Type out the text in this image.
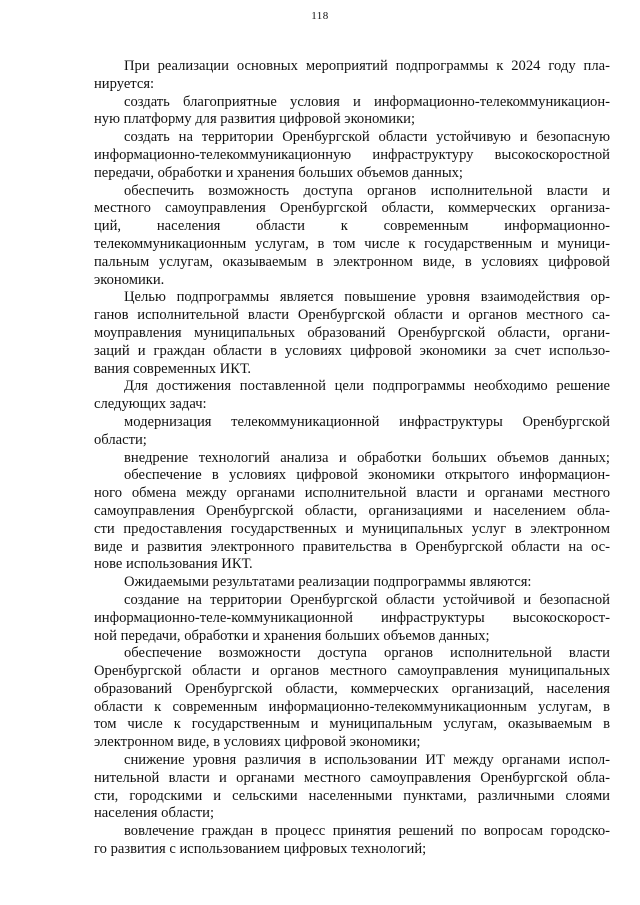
118
При реализации основных мероприятий подпрограммы к 2024 году пла-
нируется:
создать благоприятные условия и информационно-телекоммуникацион-
ную платформу для развития цифровой экономики;
создать на территории Оренбургской области устойчивую и безопасную
информационно-телекоммуникационную инфраструктуру высокоскоростной
передачи, обработки и хранения больших объемов данных;
обеспечить возможность доступа органов исполнительной власти и
местного самоуправления Оренбургской области, коммерческих организа-
ций, населения области к современным информационно-
телекоммуникационным услугам, в том числе к государственным и муници-
пальным услугам, оказываемым в электронном виде, в условиях цифровой
экономики.
Целью подпрограммы является повышение уровня взаимодействия ор-
ганов исполнительной власти Оренбургской области и органов местного са-
моуправления муниципальных образований Оренбургской области, органи-
заций и граждан области в условиях цифровой экономики за счет использо-
вания современных ИКТ.
Для достижения поставленной цели подпрограммы необходимо решение
следующих задач:
модернизация телекоммуникационной инфраструктуры Оренбургской
области;
внедрение технологий анализа и обработки больших объемов данных;
обеспечение в условиях цифровой экономики открытого информацион-
ного обмена между органами исполнительной власти и органами местного
самоуправления Оренбургской области, организациями и населением обла-
сти предоставления государственных и муниципальных услуг в электронном
виде и развития электронного правительства в Оренбургской области на ос-
нове использования ИКТ.
Ожидаемыми результатами реализации подпрограммы являются:
создание на территории Оренбургской области устойчивой и безопасной
информационно-теле-коммуникационной инфраструктуры высокоскорост-
ной передачи, обработки и хранения больших объемов данных;
обеспечение возможности доступа органов исполнительной власти
Оренбургской области и органов местного самоуправления муниципальных
образований Оренбургской области, коммерческих организаций, населения
области к современным информационно-телекоммуникационным услугам, в
том числе к государственным и муниципальным услугам, оказываемым в
электронном виде, в условиях цифровой экономики;
снижение уровня различия в использовании ИТ между органами испол-
нительной власти и органами местного самоуправления Оренбургской обла-
сти, городскими и сельскими населенными пунктами, различными слоями
населения области;
вовлечение граждан в процесс принятия решений по вопросам городско-
го развития с использованием цифровых технологий;
